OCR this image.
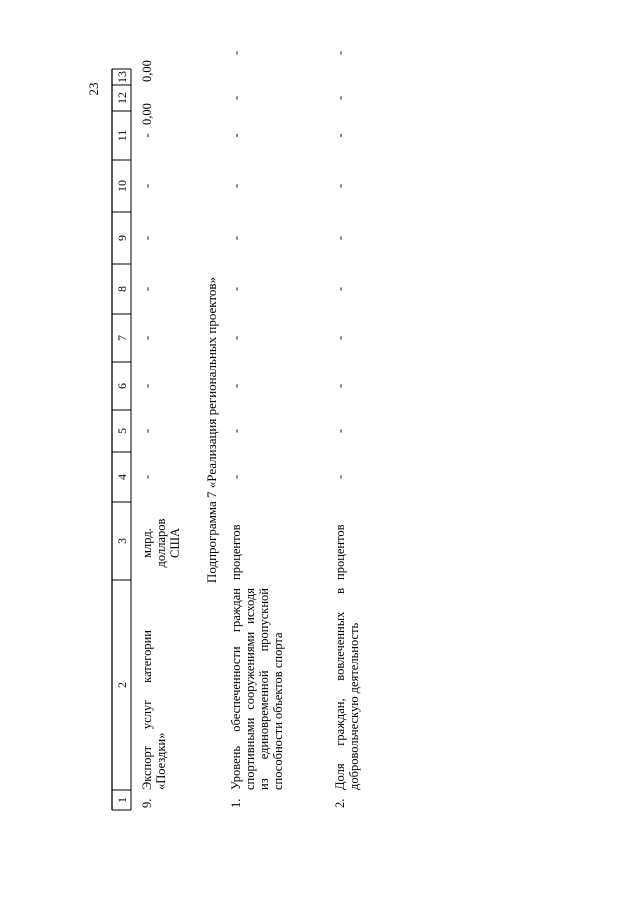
23
1
2
3
4
5
6
7
8
9
10
11
12
13
9.
Экспорт услуг категории «Поездки»
млрд. долларов США
-
-
-
-
-
-
-
-
0,00
0,00
Подпрограмма 7 «Реализация региональных проектов»
1.
Уровень обеспеченности граждан спортивными сооружениями исходя из единовременной пропускной способности объектов спорта
процентов
-
-
-
-
-
-
-
-
-
-
2.
Доля граждан, вовлеченных в добровольческую деятельность
процентов
-
-
-
-
-
-
-
-
-
-
